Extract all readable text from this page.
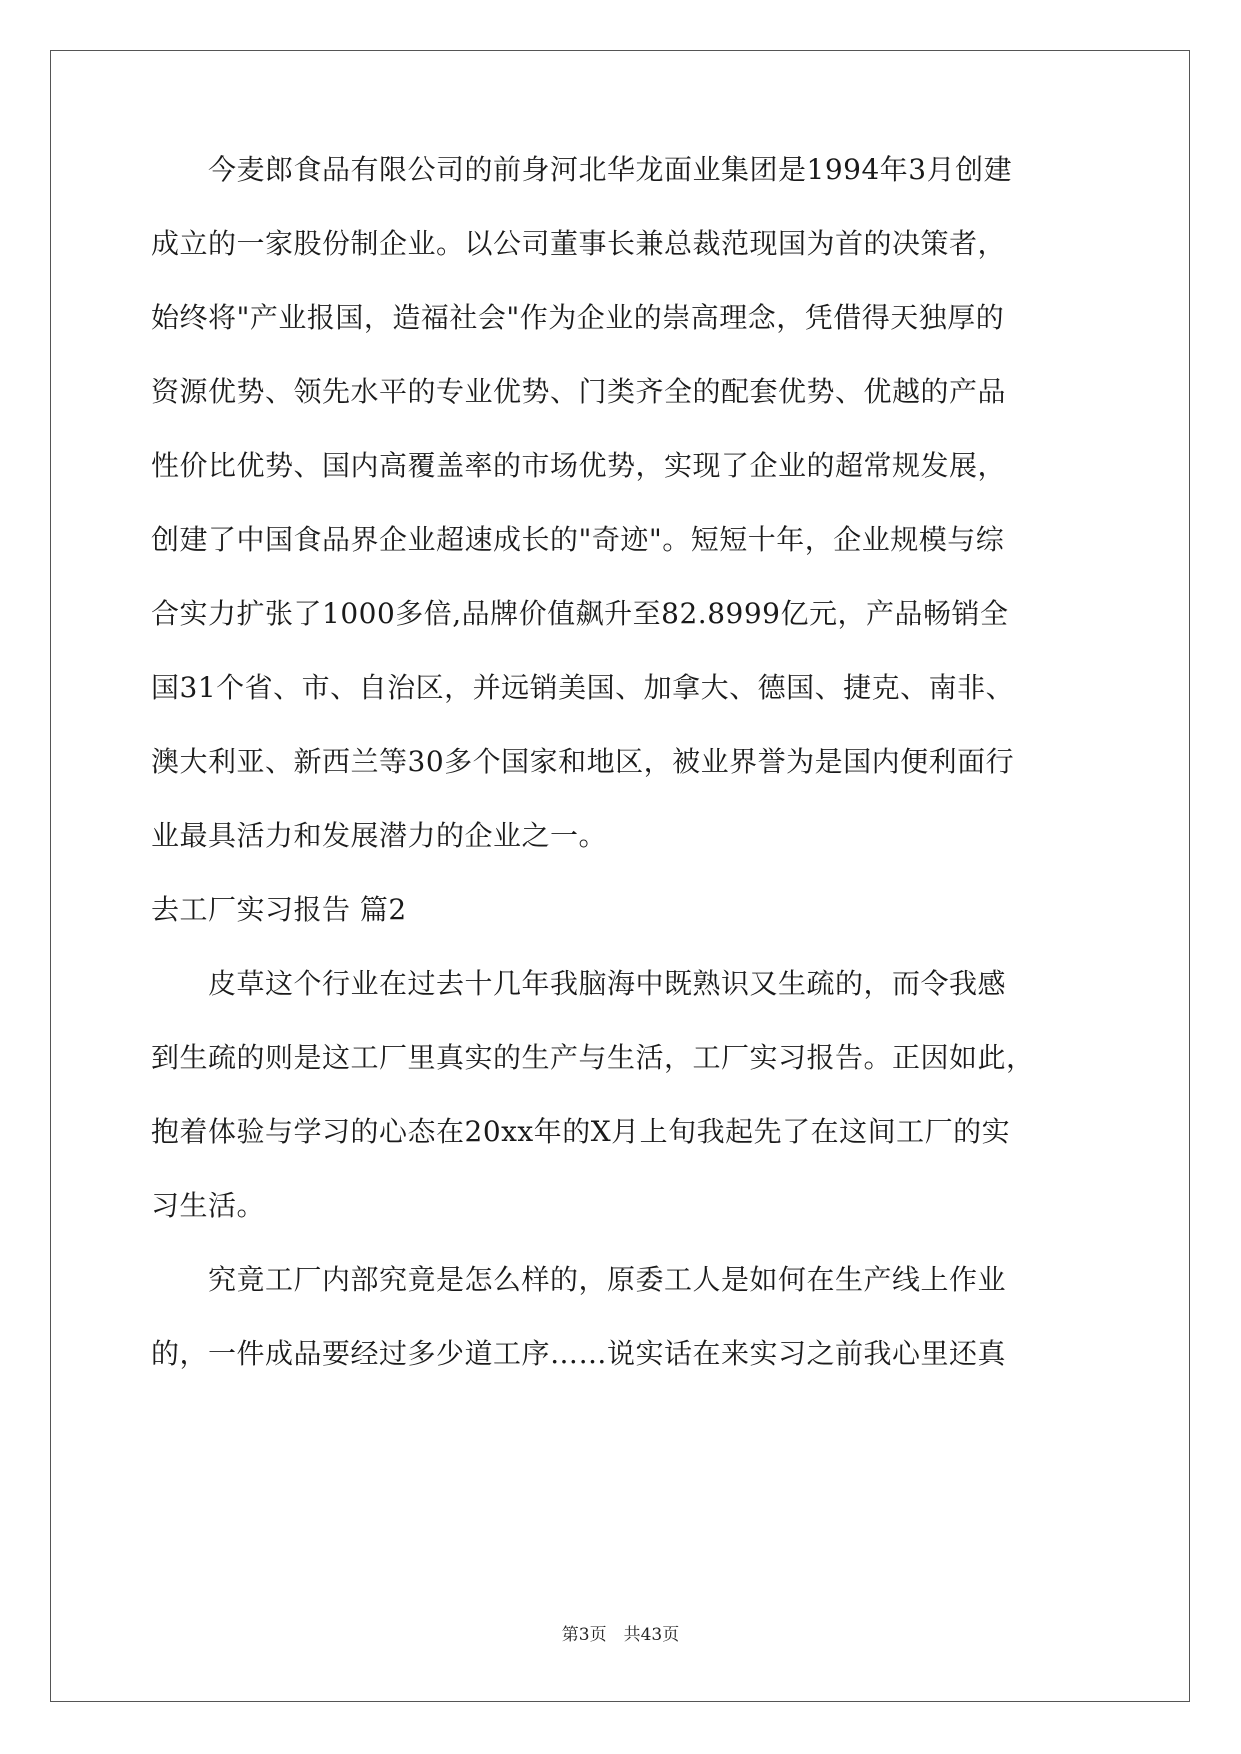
　　今麦郎食品有限公司的前身河北华龙面业集团是1994年3月创建
成立的一家股份制企业。以公司董事长兼总裁范现国为首的决策者，
始终将"产业报国，造福社会"作为企业的崇高理念，凭借得天独厚的
资源优势、领先水平的专业优势、门类齐全的配套优势、优越的产品
性价比优势、国内高覆盖率的市场优势，实现了企业的超常规发展，
创建了中国食品界企业超速成长的"奇迹"。短短十年，企业规模与综
合实力扩张了1000多倍,品牌价值飙升至82.8999亿元，产品畅销全
国31个省、市、自治区，并远销美国、加拿大、德国、捷克、南非、
澳大利亚、新西兰等30多个国家和地区，被业界誉为是国内便利面行
业最具活力和发展潜力的企业之一。
去工厂实习报告 篇2
　　皮草这个行业在过去十几年我脑海中既熟识又生疏的，而令我感
到生疏的则是这工厂里真实的生产与生活，工厂实习报告。正因如此，
抱着体验与学习的心态在20xx年的X月上旬我起先了在这间工厂的实
习生活。
　　究竟工厂内部究竟是怎么样的，原委工人是如何在生产线上作业
的，一件成品要经过多少道工序……说实话在来实习之前我心里还真
第3页　共43页
